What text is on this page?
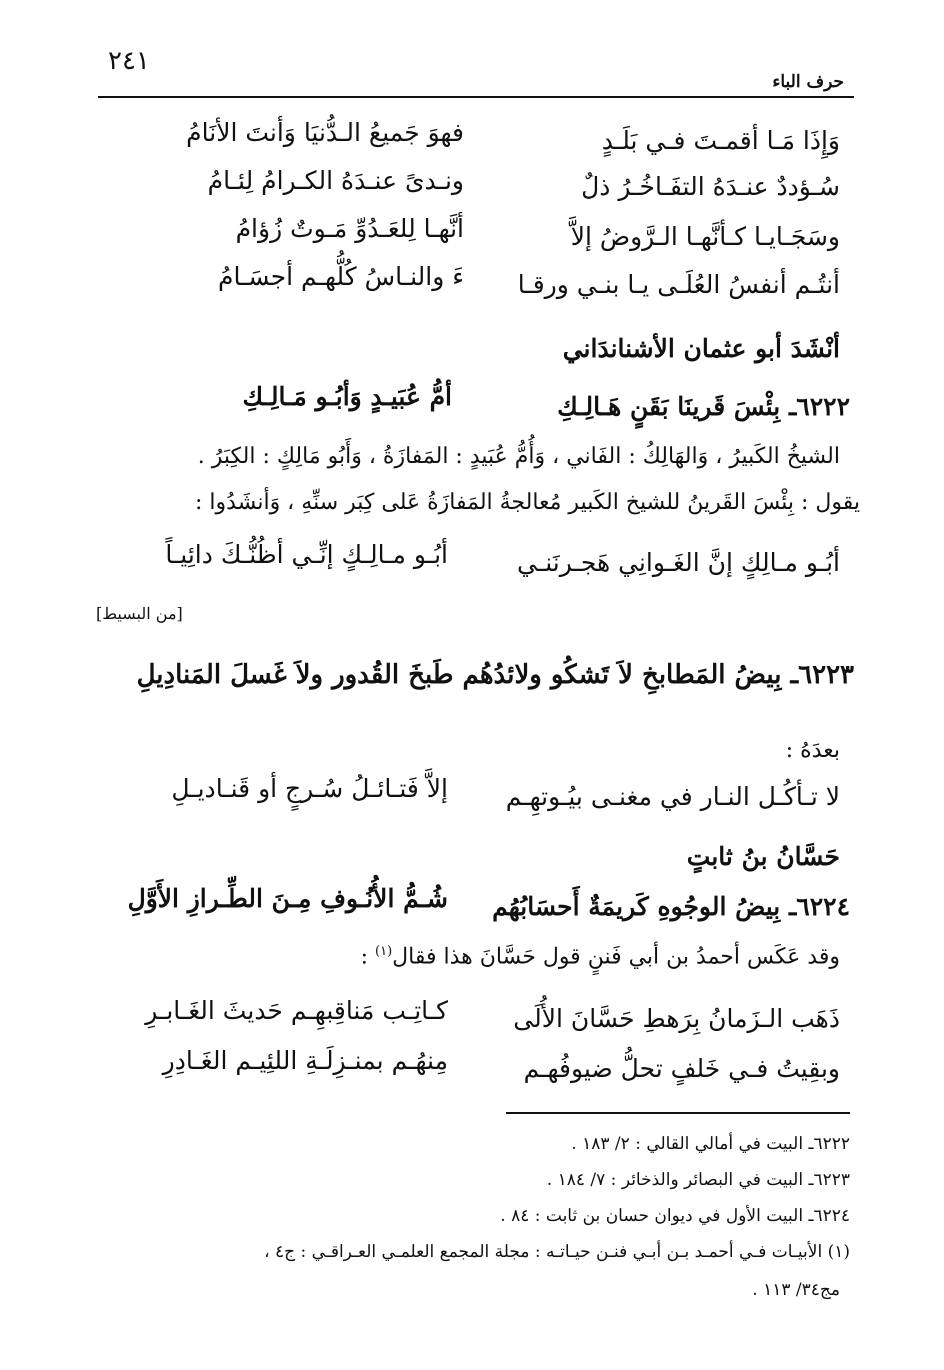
٢٤١
حرف الباء
وَإِذَا مَـا أقمـتَ فـي بَلَـدٍ
فهوَ جَميعُ الـدُّنيَا وَأنتَ الأنَامُ
سُـؤددٌ عنـدَهُ التفَـاخُـرُ ذلٌ
ونـدىً عنـدَهُ الكـرامُ لِئـامُ
وسَجَـايـا كـأنَّهـا الـرَّوضُ إلاَّ
أنَّهـا لِلعَـدُوِّ مَـوتٌ زُؤامُ
أنتُـم أنفسُ العُلَـى يـا بنـي ورقـا
ءَ والنـاسُ كُلُّهـم أجسَـامُ
أنْشَدَ أبو عثمان الأشناندَاني
٦٢٢٢ـ بِئْسَ قَرينَا بَقَنٍ هَـالِـكِ
أمُّ عُبَيـدٍ وَأبُـو مَـالِـكِ
الشيخُ الكَبيرُ ، وَالهَالِكُ : الفَاني ، وَأُمُّ عُبَيدٍ : المَفازَةُ ، وَأَبُو مَالِكٍ : الكِبَرُ .
يقول : بِئْسَ القَرينُ للشيخ الكَبير مُعالجةُ المَفازَةُ عَلى كِبَر سنِّهِ ، وَأنشَدُوا :
أبُـو مـالِكٍ إنَّ الغَـوانِي هَجـرنَنـي
أبُـو مـالِـكٍ إنِّـي أظُنُّـكَ دائِيـاً
[من البسيط]
٦٢٢٣ـ بِيضُ المَطابخِ لاَ تَشكُو ولائدُهُم طَبخَ القُدور ولاَ غَسلَ المَنادِيلِ
بعدَهُ :
لا تـأكُـل النـار في مغنـى بيُـوتهِـم
إلاَّ فَتـائـلُ سُـرجٍ أو قَنـاديـلِ
حَسَّانُ بنُ ثابتٍ
٦٢٢٤ـ بِيضُ الوجُوهِ كَريمَةٌ أَحسَابُهُم
شُـمُّ الأُنُـوفِ مِـنَ الطِّـرازِ الأَوَّلِ
وقد عَكَس أحمدُ بن أبي فَننٍ قول حَسَّانَ هذا فقال$^{(١)}$ :
ذَهَب الـزَمانُ بِرَهطِ حَسَّانَ الأُلَى
كـاتِـب مَناقِبهِـم حَديثَ الغَـابـرِ
وبقِيتُ فـي خَلفٍ تحلُّ ضيوفُهـم
مِنهُـم بمنـزِلَـةِ اللئِيـم الغَـادِرِ
٦٢٢٢ـ البيت في أمالي القالي : ٢/ ١٨٣ .
٦٢٢٣ـ البيت في البصائر والذخائر : ٧/ ١٨٤ .
٦٢٢٤ـ البيت الأول في ديوان حسان بن ثابت : ٨٤ .
(١) الأبيـات فـي أحمـد بـن أبـي فنـن حيـاتـه : مجلة المجمع العلمـي العـراقـي : ج٤ ،
مج٣٤/ ١١٣ .
